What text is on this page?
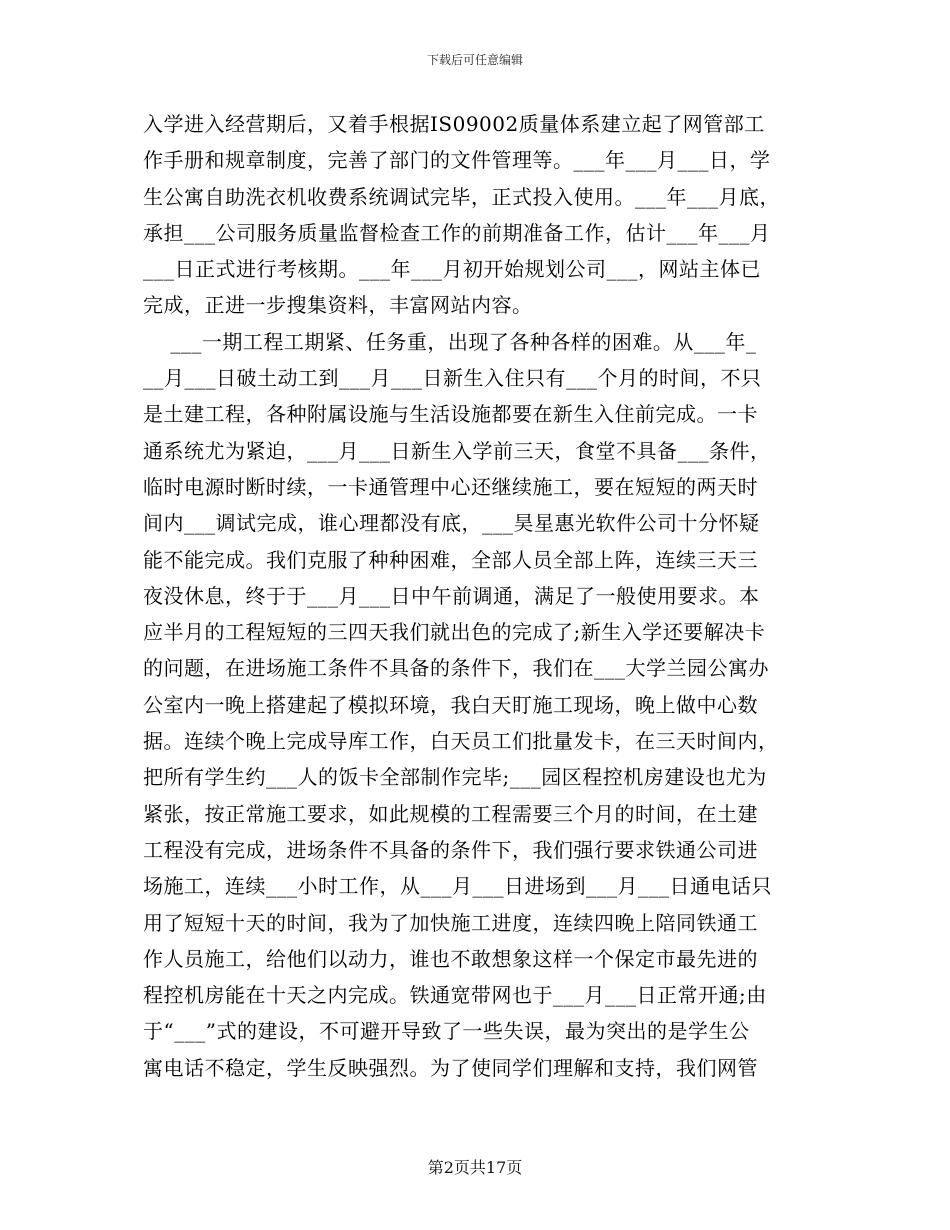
下载后可任意编辑

入学进入经营期后，又着手根据IS09002质量体系建立起了网管部工
作手册和规章制度，完善了部门的文件管理等。___年___月___日，学
生公寓自助洗衣机收费系统调试完毕，正式投入使用。___年___月底，
承担___公司服务质量监督检查工作的前期准备工作，估计___年___月
___日正式进行考核期。___年___月初开始规划公司___，网站主体已
完成，正进一步搜集资料，丰富网站内容。

___一期工程工期紧、任务重，出现了各种各样的困难。从___年_
__月___日破土动工到___月___日新生入住只有___个月的时间，不只
是土建工程，各种附属设施与生活设施都要在新生入住前完成。一卡
通系统尤为紧迫，___月___日新生入学前三天，食堂不具备___条件，
临时电源时断时续，一卡通管理中心还继续施工，要在短短的两天时
间内___调试完成，谁心理都没有底，___昊星惠光软件公司十分怀疑
能不能完成。我们克服了种种困难，全部人员全部上阵，连续三天三
夜没休息，终于于___月___日中午前调通，满足了一般使用要求。本
应半月的工程短短的三四天我们就出色的完成了;新生入学还要解决卡
的问题，在进场施工条件不具备的条件下，我们在___大学兰园公寓办
公室内一晚上搭建起了模拟环境，我白天盯施工现场，晚上做中心数
据。连续个晚上完成导库工作，白天员工们批量发卡，在三天时间内，
把所有学生约___人的饭卡全部制作完毕;___园区程控机房建设也尤为
紧张，按正常施工要求，如此规模的工程需要三个月的时间，在土建
工程没有完成，进场条件不具备的条件下，我们强行要求铁通公司进
场施工，连续___小时工作，从___月___日进场到___月___日通电话只
用了短短十天的时间，我为了加快施工进度，连续四晚上陪同铁通工
作人员施工，给他们以动力，谁也不敢想象这样一个保定市最先进的
程控机房能在十天之内完成。铁通宽带网也于___月___日正常开通;由
于“___”式的建设，不可避开导致了一些失误，最为突出的是学生公
寓电话不稳定，学生反映强烈。为了使同学们理解和支持，我们网管

第2页共17页
